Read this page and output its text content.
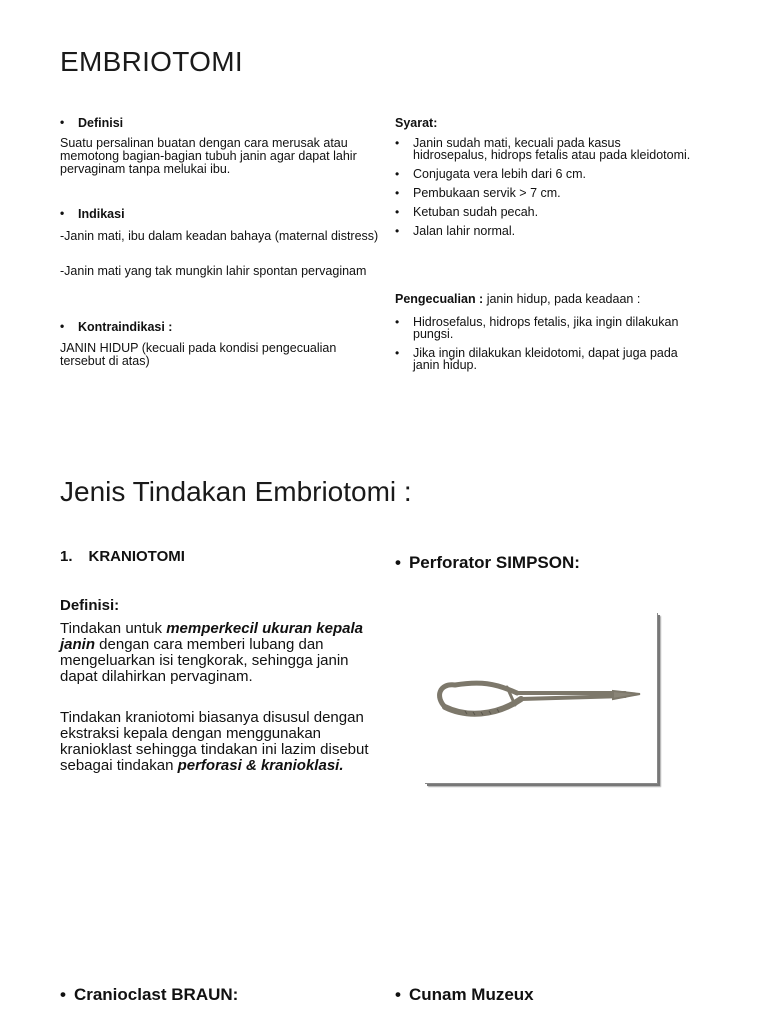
EMBRIOTOMI
•	Definisi
Suatu persalinan buatan dengan cara merusak atau memotong bagian-bagian tubuh janin agar dapat lahir pervaginam tanpa melukai ibu.
•	Indikasi
-Janin mati, ibu dalam keadan bahaya (maternal distress)
-Janin mati yang tak mungkin lahir spontan pervaginam
•	Kontraindikasi :
JANIN HIDUP (kecuali pada kondisi pengecualian tersebut di atas)
Syarat:
•	Janin sudah mati, kecuali pada kasus hidrosepalus, hidrops fetalis atau pada kleidotomi.
•	Conjugata vera lebih dari 6 cm.
•	Pembukaan servik > 7 cm.
•	Ketuban sudah pecah.
•	Jalan lahir normal.
Pengecualian : janin hidup, pada keadaan :
•	Hidrosefalus, hidrops fetalis, jika ingin dilakukan pungsi.
•	Jika ingin dilakukan kleidotomi, dapat juga pada janin hidup.
Jenis Tindakan Embriotomi :
1. KRANIOTOMI
Definisi:
Tindakan untuk memperkecil ukuran kepala janin dengan cara memberi lubang dan mengeluarkan isi tengkorak, sehingga janin dapat dilahirkan pervaginam.
Tindakan kraniotomi biasanya disusul dengan ekstraksi kepala dengan menggunakan kranioklast sehingga tindakan ini lazim disebut sebagai tindakan perforasi & kranioklasi.
• Perforator SIMPSON:
• Cranioclast BRAUN:	• Cunam Muzeux
